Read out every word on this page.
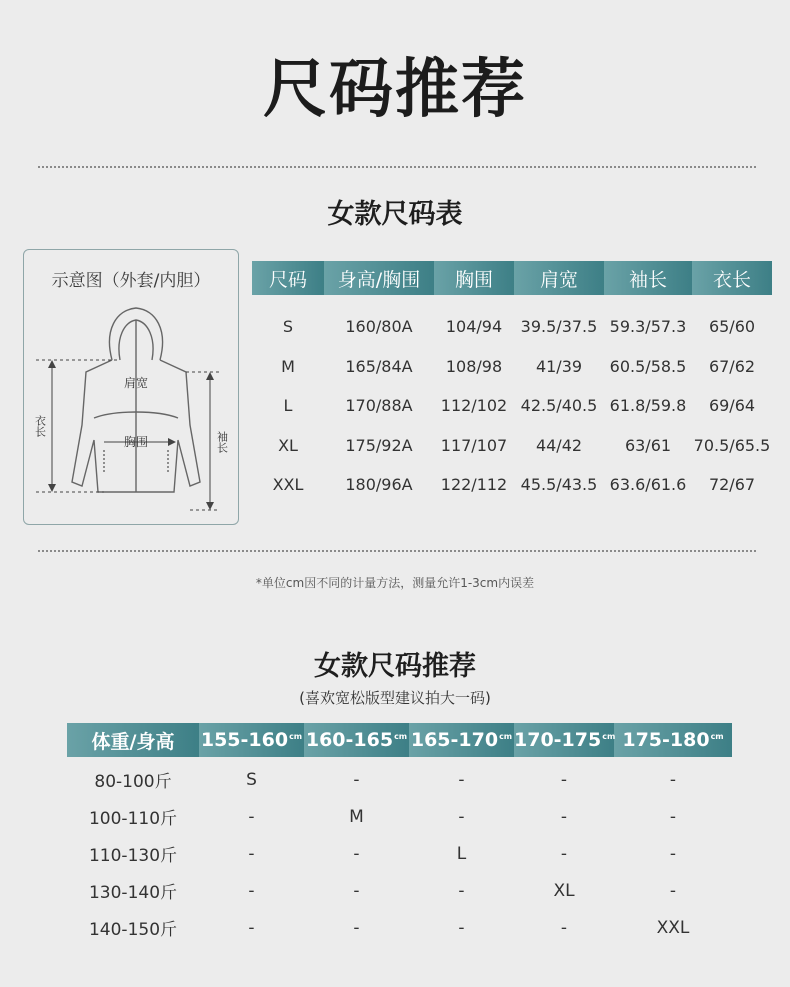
尺码推荐
女款尺码表
示意图（外套/内胆）
肩宽
胸围
衣长
袖长
尺码	身高/胸围	胸围	肩宽	袖长	衣长
S	160/80A	104/94	39.5/37.5	59.3/57.3	65/60
M	165/84A	108/98	41/39	60.5/58.5	67/62
L	170/88A	112/102	42.5/40.5	61.8/59.8	69/64
XL	175/92A	117/107	44/42	63/61	70.5/65.5
XXL	180/96A	122/112	45.5/43.5	63.6/61.6	72/67
*单位cm因不同的计量方法，测量允许1-3cm内误差
女款尺码推荐
(喜欢宽松版型建议拍大一码)
体重/身高	$155-160^{cm}$	$160-165^{cm}$	$165-170^{cm}$	$170-175^{cm}$	$175-180^{cm}$
80-100斤	S	-	-	-	-
100-110斤	-	M	-	-	-
110-130斤	-	-	L	-	-
130-140斤	-	-	-	XL	-
140-150斤	-	-	-	-	XXL
